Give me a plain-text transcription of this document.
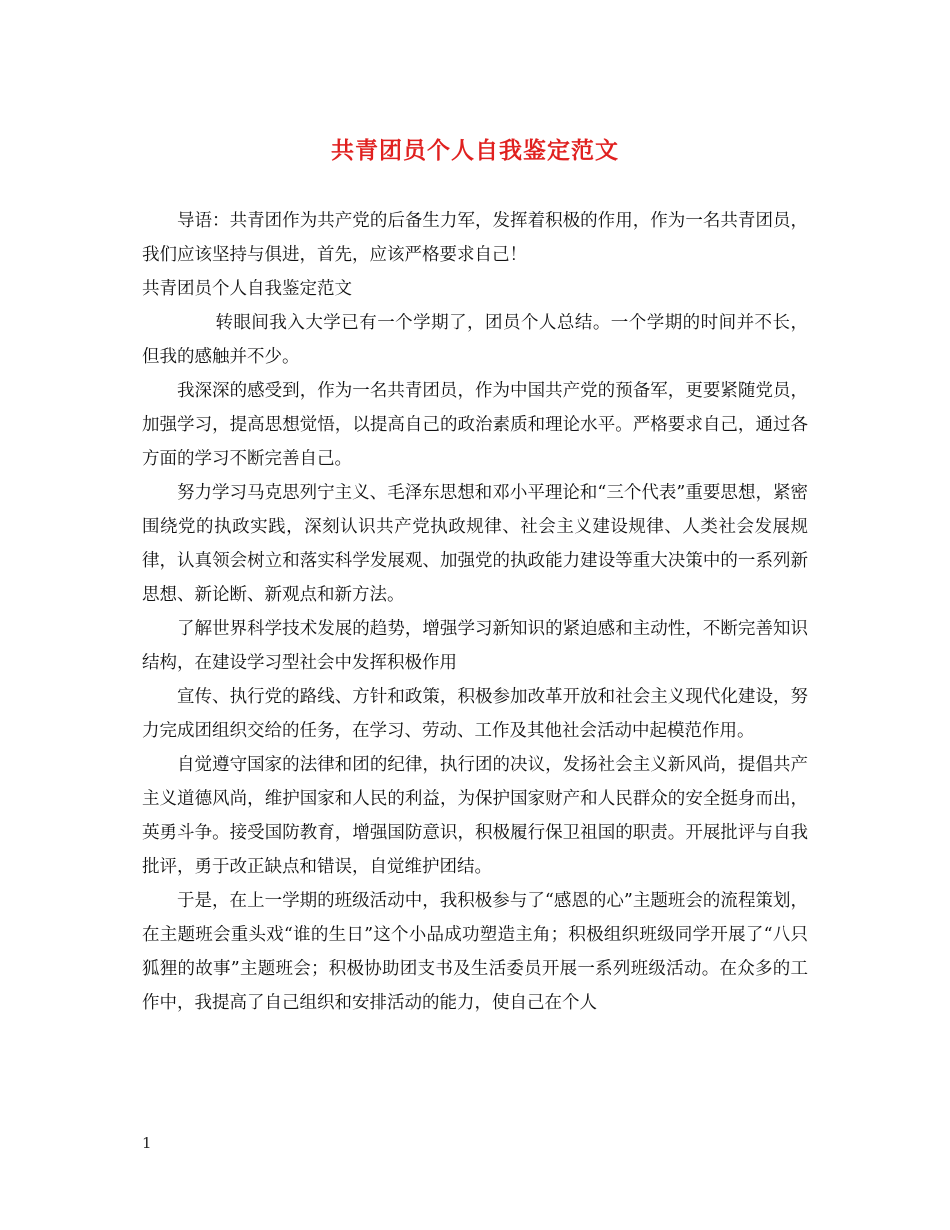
共青团员个人自我鉴定范文

导语：共青团作为共产党的后备生力军，发挥着积极的作用，作为一名共青团员，我们应该坚持与俱进，首先，应该严格要求自己！

共青团员个人自我鉴定范文

转眼间我入大学已有一个学期了，团员个人总结。一个学期的时间并不长，但我的感触并不少。

我深深的感受到，作为一名共青团员，作为中国共产党的预备军，更要紧随党员，加强学习，提高思想觉悟，以提高自己的政治素质和理论水平。严格要求自己，通过各方面的学习不断完善自己。

努力学习马克思列宁主义、毛泽东思想和邓小平理论和“三个代表”重要思想，紧密围绕党的执政实践，深刻认识共产党执政规律、社会主义建设规律、人类社会发展规律，认真领会树立和落实科学发展观、加强党的执政能力建设等重大决策中的一系列新思想、新论断、新观点和新方法。

了解世界科学技术发展的趋势，增强学习新知识的紧迫感和主动性，不断完善知识结构，在建设学习型社会中发挥积极作用

宣传、执行党的路线、方针和政策，积极参加改革开放和社会主义现代化建设，努力完成团组织交给的任务，在学习、劳动、工作及其他社会活动中起模范作用。

自觉遵守国家的法律和团的纪律，执行团的决议，发扬社会主义新风尚，提倡共产主义道德风尚，维护国家和人民的利益，为保护国家财产和人民群众的安全挺身而出，英勇斗争。接受国防教育，增强国防意识，积极履行保卫祖国的职责。开展批评与自我批评，勇于改正缺点和错误，自觉维护团结。

于是，在上一学期的班级活动中，我积极参与了“感恩的心”主题班会的流程策划，在主题班会重头戏“谁的生日”这个小品成功塑造主角；积极组织班级同学开展了“八只狐狸的故事”主题班会；积极协助团支书及生活委员开展一系列班级活动。在众多的工作中，我提高了自己组织和安排活动的能力，使自己在个人

1
